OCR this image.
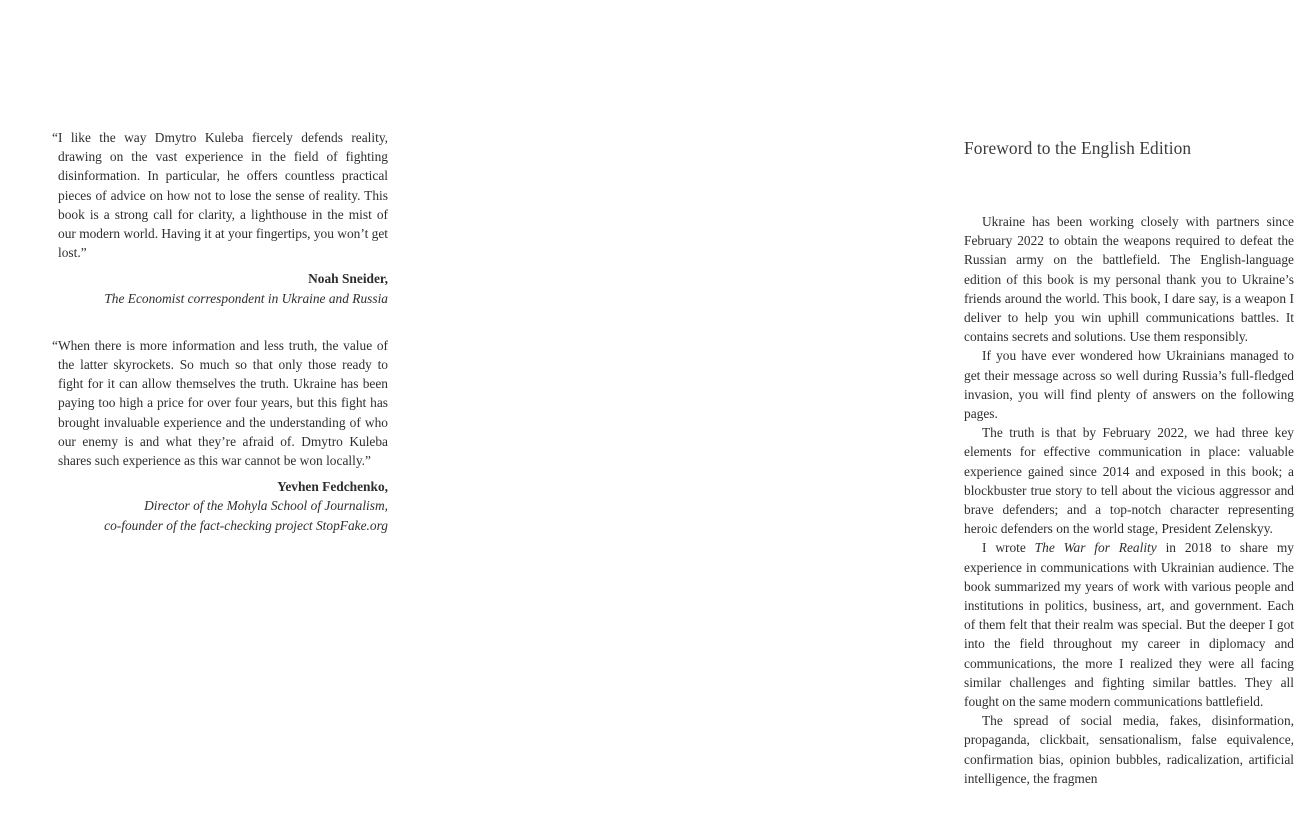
“I like the way Dmytro Kuleba fiercely defends reality, drawing on the vast experience in the field of fighting disinformation. In particular, he offers countless practical pieces of advice on how not to lose the sense of reality. This book is a strong call for clarity, a lighthouse in the mist of our modern world. Having it at your fingertips, you won’t get lost.”

Noah Sneider,
The Economist correspondent in Ukraine and Russia

“When there is more information and less truth, the value of the latter skyrockets. So much so that only those ready to fight for it can allow themselves the truth. Ukraine has been paying too high a price for over four years, but this fight has brought invaluable experience and the understanding of who our enemy is and what they’re afraid of. Dmytro Kuleba shares such experience as this war cannot be won locally.”

Yevhen Fedchenko,
Director of the Mohyla School of Journalism,
co-founder of the fact-checking project StopFake.org
Foreword to the English Edition

Ukraine has been working closely with partners since February 2022 to obtain the weapons required to defeat the Russian army on the battlefield. The English-language edition of this book is my personal thank you to Ukraine’s friends around the world. This book, I dare say, is a weapon I deliver to help you win uphill communications battles. It contains secrets and solutions. Use them responsibly.

If you have ever wondered how Ukrainians managed to get their message across so well during Russia’s full-fledged invasion, you will find plenty of answers on the following pages.

The truth is that by February 2022, we had three key elements for effective communication in place: valuable experience gained since 2014 and exposed in this book; a blockbuster true story to tell about the vicious aggressor and brave defenders; and a top-notch character representing heroic defenders on the world stage, President Zelenskyy.

I wrote The War for Reality in 2018 to share my experience in communications with Ukrainian audience. The book summarized my years of work with various people and institutions in politics, business, art, and government. Each of them felt that their realm was special. But the deeper I got into the field throughout my career in diplomacy and communications, the more I realized they were all facing similar challenges and fighting similar battles. They all fought on the same modern communications battlefield.

The spread of social media, fakes, disinformation, propaganda, clickbait, sensationalism, false equivalence, confirmation bias, opinion bubbles, radicalization, artificial intelligence, the fragmen
